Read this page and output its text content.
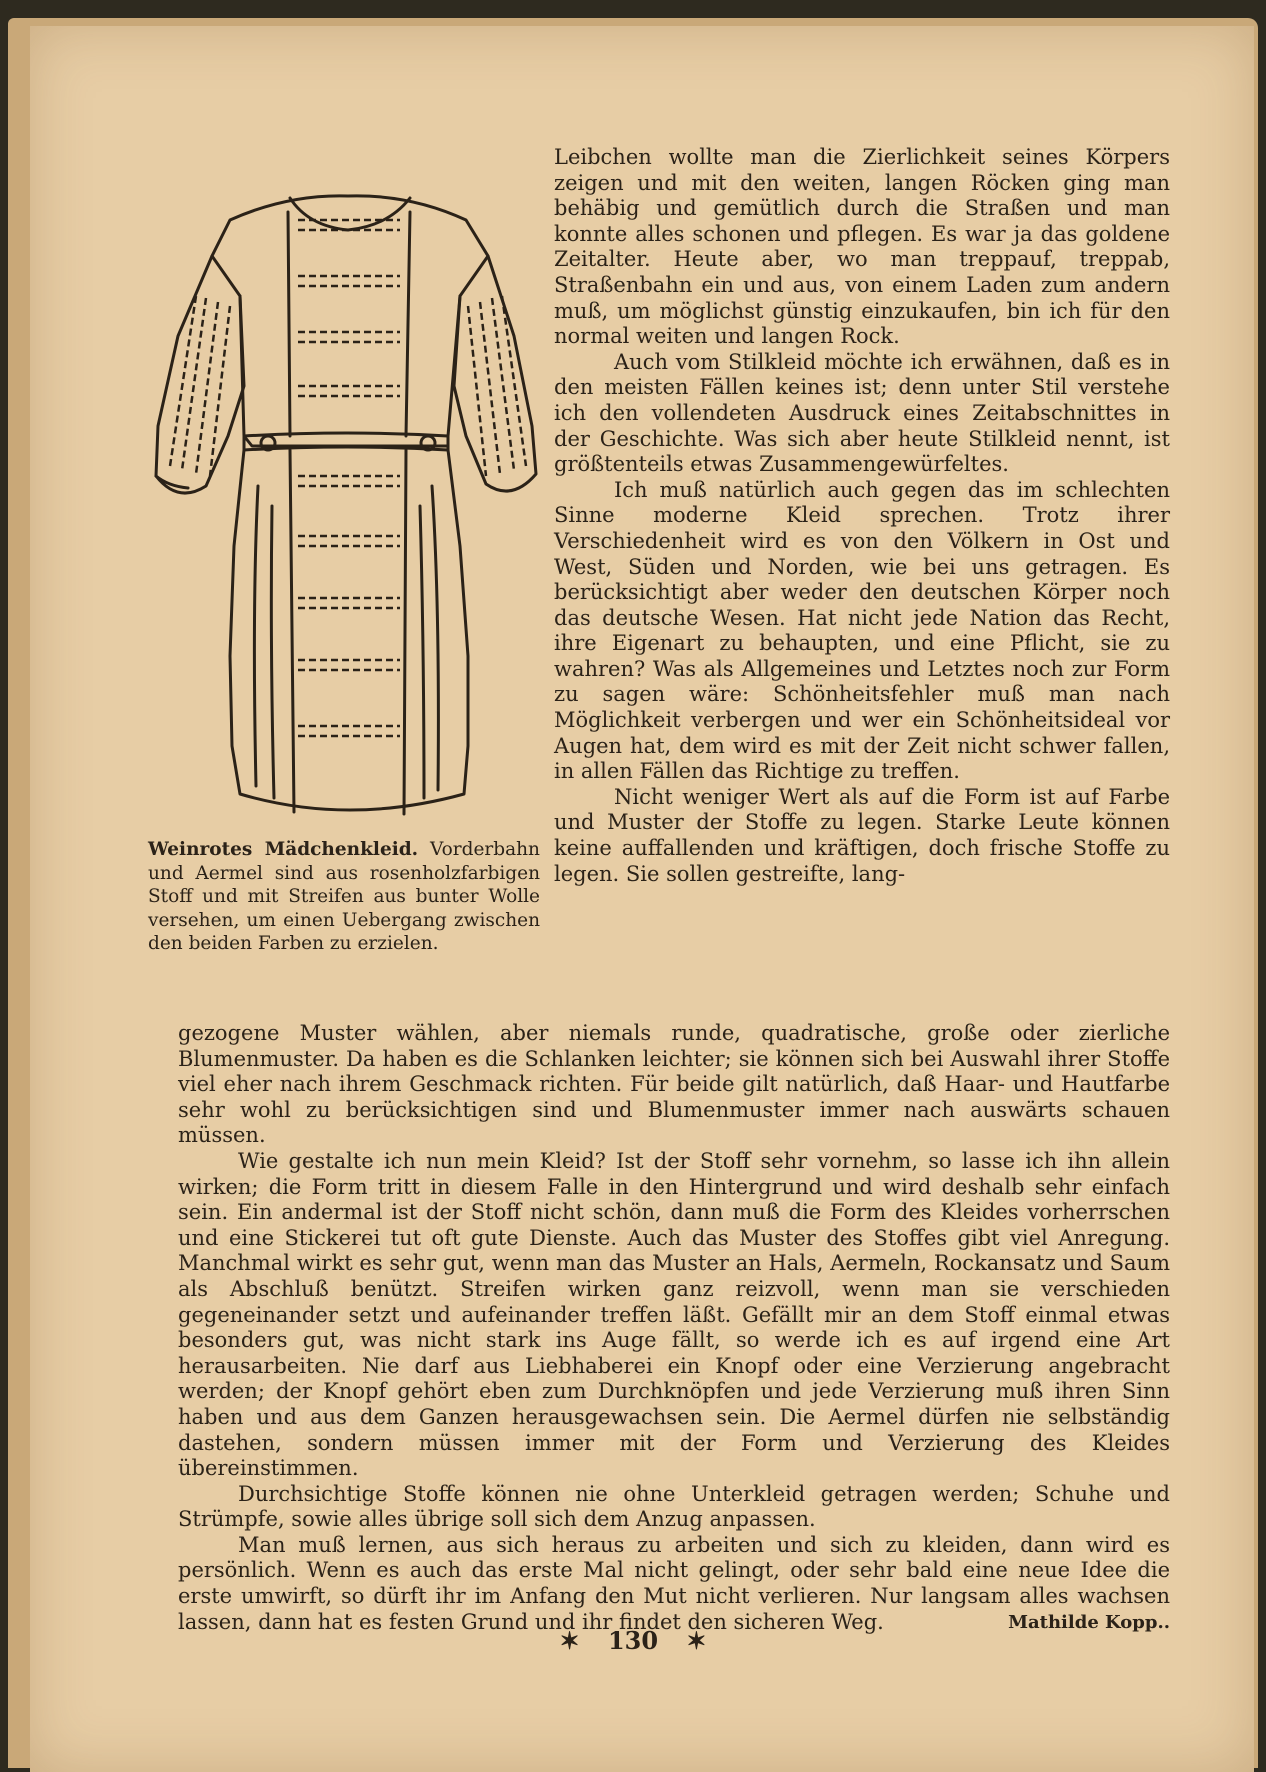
Weinrotes Mädchenkleid. Vorderbahn und Aermel sind aus rosenholzfarbigen Stoff und mit Streifen aus bunter Wolle versehen, um einen Uebergang zwischen den beiden Farben zu erzielen.

Leibchen wollte man die Zierlichkeit seines Körpers zeigen und mit den weiten, langen Röcken ging man behäbig und gemütlich durch die Straßen und man konnte alles schonen und pflegen. Es war ja das goldene Zeitalter. Heute aber, wo man treppauf, treppab, Straßenbahn ein und aus, von einem Laden zum andern muß, um möglichst günstig einzukaufen, bin ich für den normal weiten und langen Rock.

Auch vom Stilkleid möchte ich erwähnen, daß es in den meisten Fällen keines ist; denn unter Stil verstehe ich den vollendeten Ausdruck eines Zeitabschnittes in der Geschichte. Was sich aber heute Stilkleid nennt, ist größtenteils etwas Zusammengewürfeltes.

Ich muß natürlich auch gegen das im schlechten Sinne moderne Kleid sprechen. Trotz ihrer Verschiedenheit wird es von den Völkern in Ost und West, Süden und Norden, wie bei uns getragen. Es berücksichtigt aber weder den deutschen Körper noch das deutsche Wesen. Hat nicht jede Nation das Recht, ihre Eigenart zu behaupten, und eine Pflicht, sie zu wahren? Was als Allgemeines und Letztes noch zur Form zu sagen wäre: Schönheitsfehler muß man nach Möglichkeit verbergen und wer ein Schönheitsideal vor Augen hat, dem wird es mit der Zeit nicht schwer fallen, in allen Fällen das Richtige zu treffen.

Nicht weniger Wert als auf die Form ist auf Farbe und Muster der Stoffe zu legen. Starke Leute können keine auffallenden und kräftigen, doch frische Stoffe zu legen. Sie sollen gestreifte, lang-

gezogene Muster wählen, aber niemals runde, quadratische, große oder zierliche Blumenmuster. Da haben es die Schlanken leichter; sie können sich bei Auswahl ihrer Stoffe viel eher nach ihrem Geschmack richten. Für beide gilt natürlich, daß Haar- und Hautfarbe sehr wohl zu berücksichtigen sind und Blumenmuster immer nach auswärts schauen müssen.

Wie gestalte ich nun mein Kleid? Ist der Stoff sehr vornehm, so lasse ich ihn allein wirken; die Form tritt in diesem Falle in den Hintergrund und wird deshalb sehr einfach sein. Ein andermal ist der Stoff nicht schön, dann muß die Form des Kleides vorherrschen und eine Stickerei tut oft gute Dienste. Auch das Muster des Stoffes gibt viel Anregung. Manchmal wirkt es sehr gut, wenn man das Muster an Hals, Aermeln, Rockansatz und Saum als Abschluß benützt. Streifen wirken ganz reizvoll, wenn man sie verschieden gegeneinander setzt und aufeinander treffen läßt. Gefällt mir an dem Stoff einmal etwas besonders gut, was nicht stark ins Auge fällt, so werde ich es auf irgend eine Art herausarbeiten. Nie darf aus Liebhaberei ein Knopf oder eine Verzierung angebracht werden; der Knopf gehört eben zum Durchknöpfen und jede Verzierung muß ihren Sinn haben und aus dem Ganzen herausgewachsen sein. Die Aermel dürfen nie selbständig dastehen, sondern müssen immer mit der Form und Verzierung des Kleides übereinstimmen.

Durchsichtige Stoffe können nie ohne Unterkleid getragen werden; Schuhe und Strümpfe, sowie alles übrige soll sich dem Anzug anpassen.

Man muß lernen, aus sich heraus zu arbeiten und sich zu kleiden, dann wird es persönlich. Wenn es auch das erste Mal nicht gelingt, oder sehr bald eine neue Idee die erste umwirft, so dürft ihr im Anfang den Mut nicht verlieren. Nur langsam alles wachsen lassen, dann hat es festen Grund und ihr findet den sicheren Weg.	Mathilde Kopp..

✶ 130 ✶
